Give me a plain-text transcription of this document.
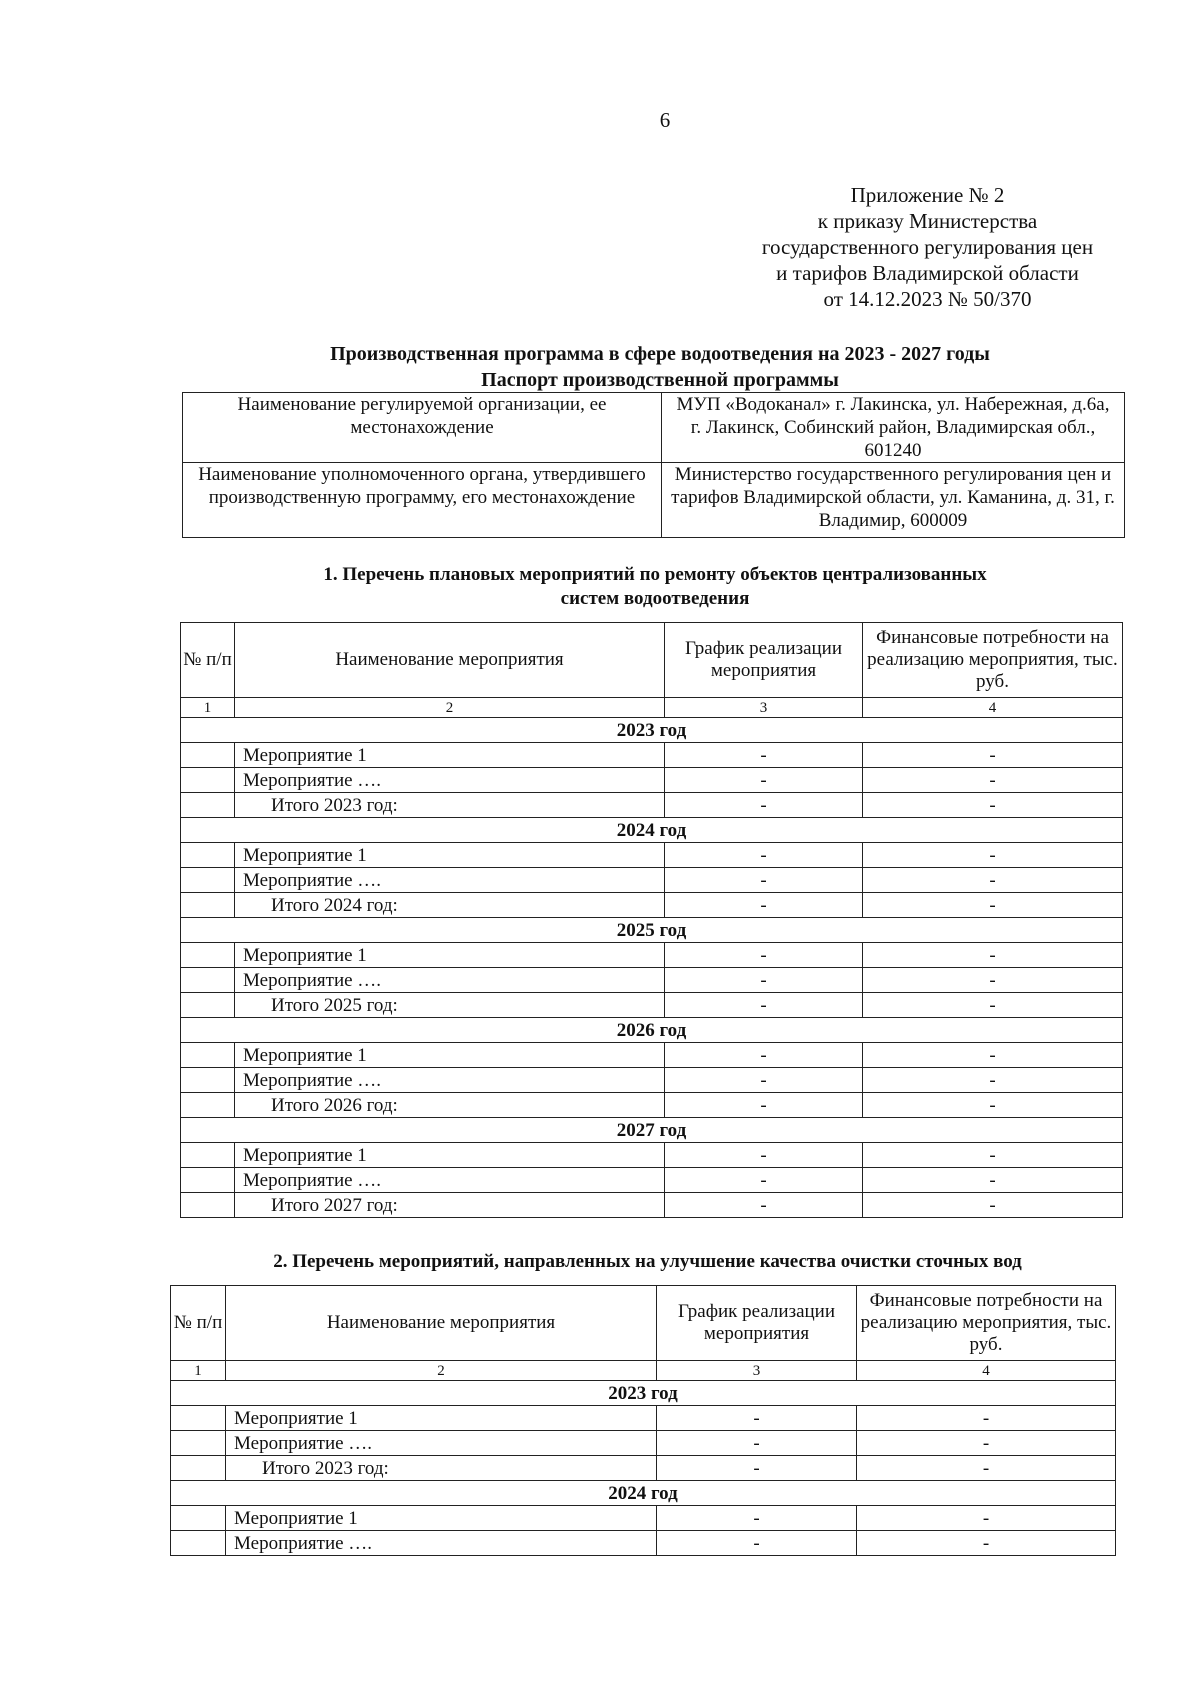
6
Приложение № 2
к приказу Министерства
государственного регулирования цен
и тарифов Владимирской области
от 14.12.2023 № 50/370
Производственная программа в сфере водоотведения на 2023 - 2027 годы
Паспорт производственной программы
Наименование регулируемой организации, ее местонахождение	МУП «Водоканал» г. Лакинска, ул. Набережная, д.6а, г. Лакинск, Собинский район, Владимирская обл., 601240
Наименование уполномоченного органа, утвердившего производственную программу, его местонахождение	Министерство государственного регулирования цен и тарифов Владимирской области, ул. Каманина, д. 31, г. Владимир, 600009
1. Перечень плановых мероприятий по ремонту объектов централизованных
систем водоотведения
№ п/п	Наименование мероприятия	График реализации мероприятия	Финансовые потребности на реализацию мероприятия, тыс. руб.
1	2	3	4
2023 год			
	Мероприятие 1	-	-
	Мероприятие ….	-	-
	Итого 2023 год:	-	-
2024 год			
	Мероприятие 1	-	-
	Мероприятие ….	-	-
	Итого 2024 год:	-	-
2025 год			
	Мероприятие 1	-	-
	Мероприятие ….	-	-
	Итого 2025 год:	-	-
2026 год			
	Мероприятие 1	-	-
	Мероприятие ….	-	-
	Итого 2026 год:	-	-
2027 год			
	Мероприятие 1	-	-
	Мероприятие ….	-	-
	Итого 2027 год:	-	-
2. Перечень мероприятий, направленных на улучшение качества очистки сточных вод
№ п/п	Наименование мероприятия	График реализации мероприятия	Финансовые потребности на реализацию мероприятия, тыс. руб.
1	2	3	4
2023 год			
	Мероприятие 1	-	-
	Мероприятие ….	-	-
	Итого 2023 год:	-	-
2024 год			
	Мероприятие 1	-	-
	Мероприятие ….	-	-
